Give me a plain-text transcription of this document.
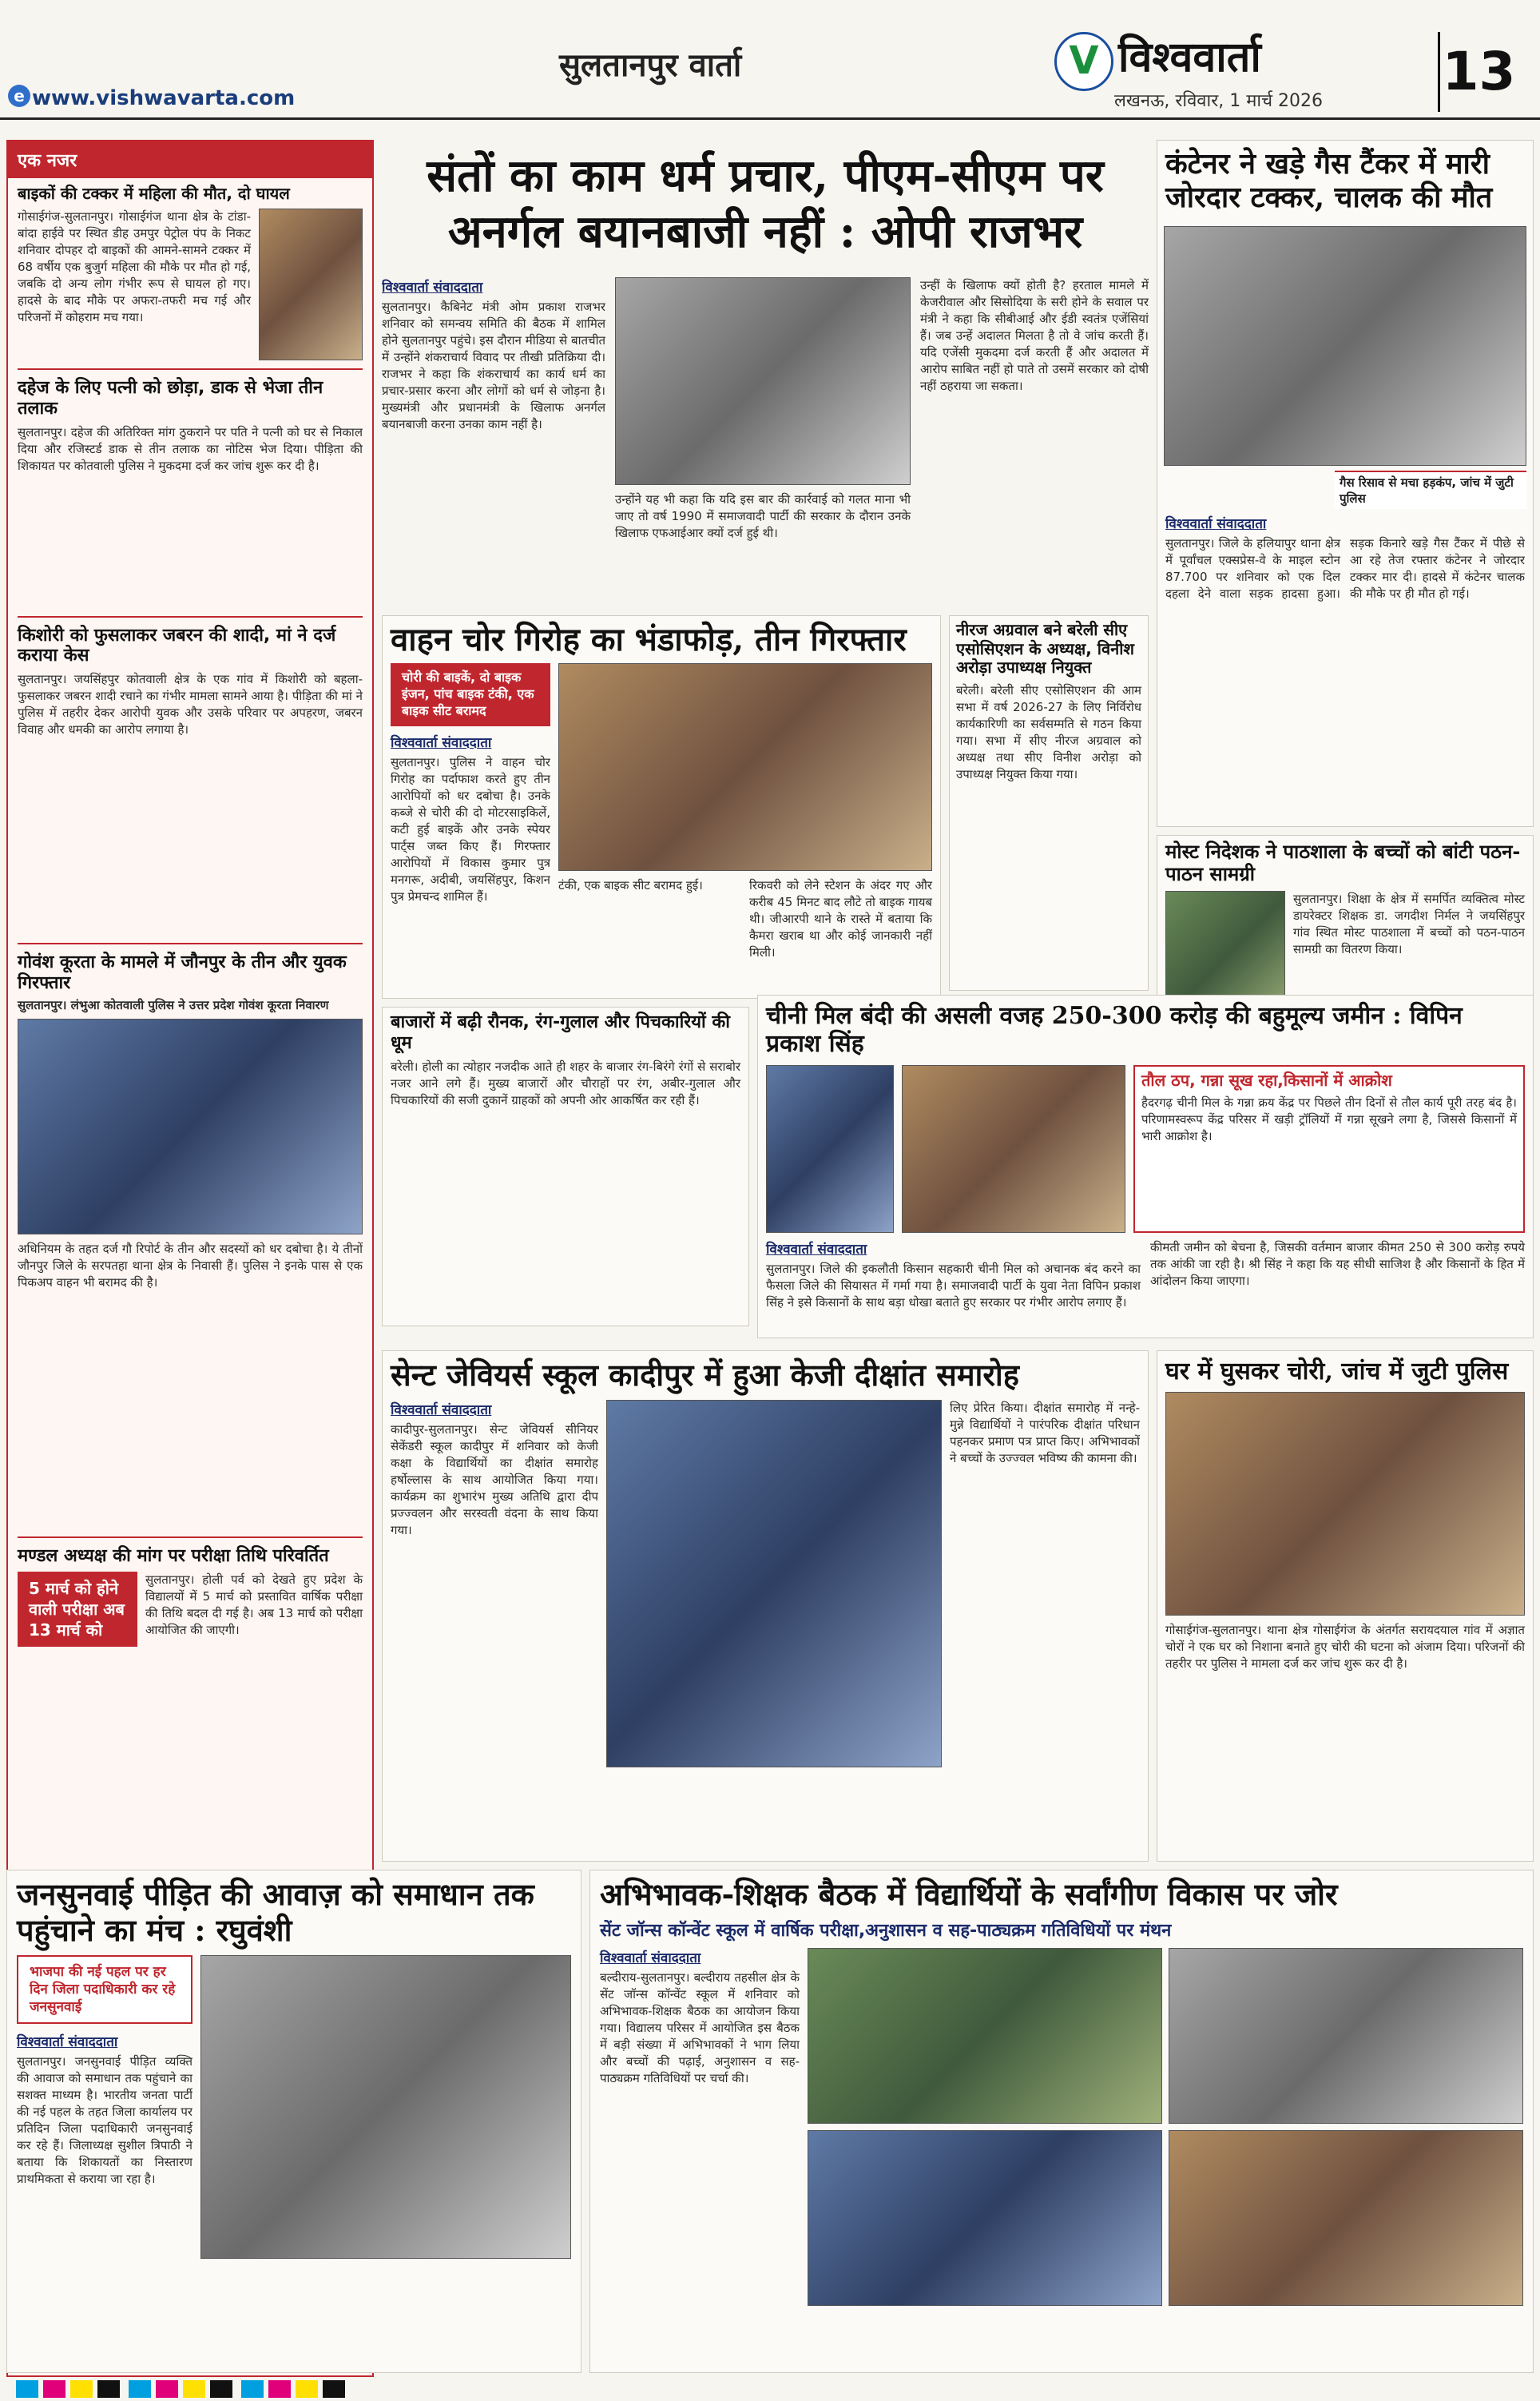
सुलतानपुर वार्ता
e www.vishwavarta.com
V विश्ववार्ता
लखनऊ, रविवार, 1 मार्च 2026 13
एक नजर
बाइकों की टक्कर में महिला की मौत, दो घायल
गोसाईगंज-सुलतानपुर। गोसाईगंज थाना क्षेत्र के टांडा-बांदा हाईवे पर स्थित डीह उमपुर पेट्रोल पंप के निकट शनिवार दोपहर दो बाइकों की आमने-सामने टक्कर में 68 वर्षीय एक बुजुर्ग महिला की मौके पर मौत हो गई, जबकि दो अन्य लोग गंभीर रूप से घायल हो गए। हादसे के बाद मौके पर अफरा-तफरी मच गई और परिजनों में कोहराम मच गया।
दहेज के लिए पत्नी को छोड़ा, डाक से भेजा तीन तलाक
सुलतानपुर। दहेज की अतिरिक्त मांग ठुकराने पर पति ने पत्नी को घर से निकाल दिया और रजिस्टर्ड डाक से तीन तलाक का नोटिस भेज दिया। पीड़िता की शिकायत पर कोतवाली पुलिस ने मुकदमा दर्ज कर जांच शुरू कर दी है।
किशोरी को फुसलाकर जबरन की शादी, मां ने दर्ज कराया केस
सुलतानपुर। जयसिंहपुर कोतवाली क्षेत्र के एक गांव में किशोरी को बहला-फुसलाकर जबरन शादी रचाने का गंभीर मामला सामने आया है। पीड़िता की मां ने पुलिस में तहरीर देकर आरोपी युवक और उसके परिवार पर अपहरण, जबरन विवाह और धमकी का आरोप लगाया है।
गोवंश कूरता के मामले में जौनपुर के तीन और युवक गिरफ्तार
सुलतानपुर। लंभुआ कोतवाली पुलिस ने उत्तर प्रदेश गोवंश कूरता निवारण
अधिनियम के तहत दर्ज गौ रिपोर्ट के तीन और सदस्यों को धर दबोचा है। ये तीनों जौनपुर जिले के सरपतहा थाना क्षेत्र के निवासी हैं। पुलिस ने इनके पास से एक पिकअप वाहन भी बरामद की है।
मण्डल अध्यक्ष की मांग पर परीक्षा तिथि परिवर्तित
5 मार्च को होने वाली परीक्षा अब 13 मार्च को
सुलतानपुर। होली पर्व को देखते हुए प्रदेश के विद्यालयों में 5 मार्च को प्रस्तावित वार्षिक परीक्षा की तिथि बदल दी गई है। अब 13 मार्च को परीक्षा आयोजित की जाएगी।
संतों का काम धर्म प्रचार, पीएम-सीएम पर अनर्गल बयानबाजी नहीं : ओपी राजभर
विश्ववार्ता संवाददाता
सुलतानपुर। कैबिनेट मंत्री ओम प्रकाश राजभर शनिवार को समन्वय समिति की बैठक में शामिल होने सुलतानपुर पहुंचे। इस दौरान मीडिया से बातचीत में उन्होंने शंकराचार्य विवाद पर तीखी प्रतिक्रिया दी। राजभर ने कहा कि शंकराचार्य का कार्य धर्म का प्रचार-प्रसार करना और लोगों को धर्म से जोड़ना है। मुख्यमंत्री और प्रधानमंत्री के खिलाफ अनर्गल बयानबाजी करना उनका काम नहीं है।
उन्होंने यह भी कहा कि यदि इस बार की कार्रवाई को गलत माना भी जाए तो वर्ष 1990 में समाजवादी पार्टी की सरकार के दौरान उनके खिलाफ एफआईआर क्यों दर्ज हुई थी।
उन्हीं के खिलाफ क्यों होती है? हरताल मामले में केजरीवाल और सिसोदिया के सरी होने के सवाल पर मंत्री ने कहा कि सीबीआई और ईडी स्वतंत्र एजेंसियां हैं। जब उन्हें अदालत मिलता है तो वे जांच करती हैं। यदि एजेंसी मुकदमा दर्ज करती हैं और अदालत में आरोप साबित नहीं हो पाते तो उसमें सरकार को दोषी नहीं ठहराया जा सकता।
कंटेनर ने खड़े गैस टैंकर में मारी जोरदार टक्कर, चालक की मौत
गैस रिसाव से मचा हड़कंप, जांच में जुटी पुलिस
विश्ववार्ता संवाददाता
सुलतानपुर। जिले के हलियापुर थाना क्षेत्र में पूर्वांचल एक्सप्रेस-वे के माइल स्टोन 87.700 पर शनिवार को एक दिल दहला देने वाला सड़क हादसा हुआ। सड़क किनारे खड़े गैस टैंकर में पीछे से आ रहे तेज रफ्तार कंटेनर ने जोरदार टक्कर मार दी। हादसे में कंटेनर चालक की मौके पर ही मौत हो गई।
वाहन चोर गिरोह का भंडाफोड़, तीन गिरफ्तार
चोरी की बाइकें, दो बाइक इंजन, पांच बाइक टंकी, एक बाइक सीट बरामद
विश्ववार्ता संवाददाता
सुलतानपुर। पुलिस ने वाहन चोर गिरोह का पर्दाफाश करते हुए तीन आरोपियों को धर दबोचा है। उनके कब्जे से चोरी की दो मोटरसाइकिलें, कटी हुई बाइकें और उनके स्पेयर पार्ट्स जब्त किए हैं। गिरफ्तार आरोपियों में विकास कुमार पुत्र मनगरू, अदीबी, जयसिंहपुर, किशन पुत्र प्रेमचन्द शामिल हैं।
टंकी, एक बाइक सीट बरामद हुई।	रिकवरी को लेने स्टेशन के अंदर गए और करीब 45 मिनट बाद लौटे तो बाइक गायब थी। जीआरपी थाने के रास्ते में बताया कि कैमरा खराब था और कोई जानकारी नहीं मिली।
नीरज अग्रवाल बने बरेली सीए एसोसिएशन के अध्यक्ष, विनीश अरोड़ा उपाध्यक्ष नियुक्त
बरेली। बरेली सीए एसोसिएशन की आम सभा में वर्ष 2026-27 के लिए निर्विरोध कार्यकारिणी का सर्वसम्मति से गठन किया गया। सभा में सीए नीरज अग्रवाल को अध्यक्ष तथा सीए विनीश अरोड़ा को उपाध्यक्ष नियुक्त किया गया।
मोस्ट निदेशक ने पाठशाला के बच्चों को बांटी पठन-पाठन सामग्री
सुलतानपुर। शिक्षा के क्षेत्र में समर्पित व्यक्तित्व मोस्ट डायरेक्टर शिक्षक डा. जगदीश निर्मल ने जयसिंहपुर गांव स्थित मोस्ट पाठशाला में बच्चों को पठन-पाठन सामग्री का वितरण किया।
बाजारों में बढ़ी रौनक, रंग-गुलाल और पिचकारियों की धूम
बरेली। होली का त्योहार नजदीक आते ही शहर के बाजार रंग-बिरंगे रंगों से सराबोर नजर आने लगे हैं। मुख्य बाजारों और चौराहों पर रंग, अबीर-गुलाल और पिचकारियों की सजी दुकानें ग्राहकों को अपनी ओर आकर्षित कर रही हैं।
चीनी मिल बंदी की असली वजह 250-300 करोड़ की बहुमूल्य जमीन : विपिन प्रकाश सिंह
तौल ठप, गन्ना सूख रहा,किसानों में आक्रोश
हैदरगढ़ चीनी मिल के गन्ना क्रय केंद्र पर पिछले तीन दिनों से तौल कार्य पूरी तरह बंद है। परिणामस्वरूप केंद्र परिसर में खड़ी ट्रॉलियों में गन्ना सूखने लगा है, जिससे किसानों में भारी आक्रोश है।
विश्ववार्ता संवाददाता
सुलतानपुर। जिले की इकलौती किसान सहकारी चीनी मिल को अचानक बंद करने का फैसला जिले की सियासत में गर्मा गया है। समाजवादी पार्टी के युवा नेता विपिन प्रकाश सिंह ने इसे किसानों के साथ बड़ा धोखा बताते हुए सरकार पर गंभीर आरोप लगाए हैं।
कीमती जमीन को बेचना है, जिसकी वर्तमान बाजार कीमत 250 से 300 करोड़ रुपये तक आंकी जा रही है। श्री सिंह ने कहा कि यह सीधी साजिश है और किसानों के हित में आंदोलन किया जाएगा।
सेन्ट जेवियर्स स्कूल कादीपुर में हुआ केजी दीक्षांत समारोह
विश्ववार्ता संवाददाता
कादीपुर-सुलतानपुर। सेन्ट जेवियर्स सीनियर सेकेंडरी स्कूल कादीपुर में शनिवार को केजी कक्षा के विद्यार्थियों का दीक्षांत समारोह हर्षोल्लास के साथ आयोजित किया गया। कार्यक्रम का शुभारंभ मुख्य अतिथि द्वारा दीप प्रज्ज्वलन और सरस्वती वंदना के साथ किया गया।
लिए प्रेरित किया। दीक्षांत समारोह में नन्हे-मुन्ने विद्यार्थियों ने पारंपरिक दीक्षांत परिधान पहनकर प्रमाण पत्र प्राप्त किए। अभिभावकों ने बच्चों के उज्ज्वल भविष्य की कामना की।
घर में घुसकर चोरी, जांच में जुटी पुलिस
गोसाईगंज-सुलतानपुर। थाना क्षेत्र गोसाईगंज के अंतर्गत सरायदयाल गांव में अज्ञात चोरों ने एक घर को निशाना बनाते हुए चोरी की घटना को अंजाम दिया। परिजनों की तहरीर पर पुलिस ने मामला दर्ज कर जांच शुरू कर दी है।
जनसुनवाई पीड़ित की आवाज़ को समाधान तक पहुंचाने का मंच : रघुवंशी
भाजपा की नई पहल पर हर दिन जिला पदाधिकारी कर रहे जनसुनवाई
विश्ववार्ता संवाददाता
सुलतानपुर। जनसुनवाई पीड़ित व्यक्ति की आवाज को समाधान तक पहुंचाने का सशक्त माध्यम है। भारतीय जनता पार्टी की नई पहल के तहत जिला कार्यालय पर प्रतिदिन जिला पदाधिकारी जनसुनवाई कर रहे हैं। जिलाध्यक्ष सुशील त्रिपाठी ने बताया कि शिकायतों का निस्तारण प्राथमिकता से कराया जा रहा है।
अभिभावक-शिक्षक बैठक में विद्यार्थियों के सर्वांगीण विकास पर जोर
सेंट जॉन्स कॉन्वेंट स्कूल में वार्षिक परीक्षा,अनुशासन व सह-पाठ्यक्रम गतिविधियों पर मंथन
विश्ववार्ता संवाददाता
बल्दीराय-सुलतानपुर। बल्दीराय तहसील क्षेत्र के सेंट जॉन्स कॉन्वेंट स्कूल में शनिवार को अभिभावक-शिक्षक बैठक का आयोजन किया गया। विद्यालय परिसर में आयोजित इस बैठक में बड़ी संख्या में अभिभावकों ने भाग लिया और बच्चों की पढ़ाई, अनुशासन व सह-पाठ्यक्रम गतिविधियों पर चर्चा की।
